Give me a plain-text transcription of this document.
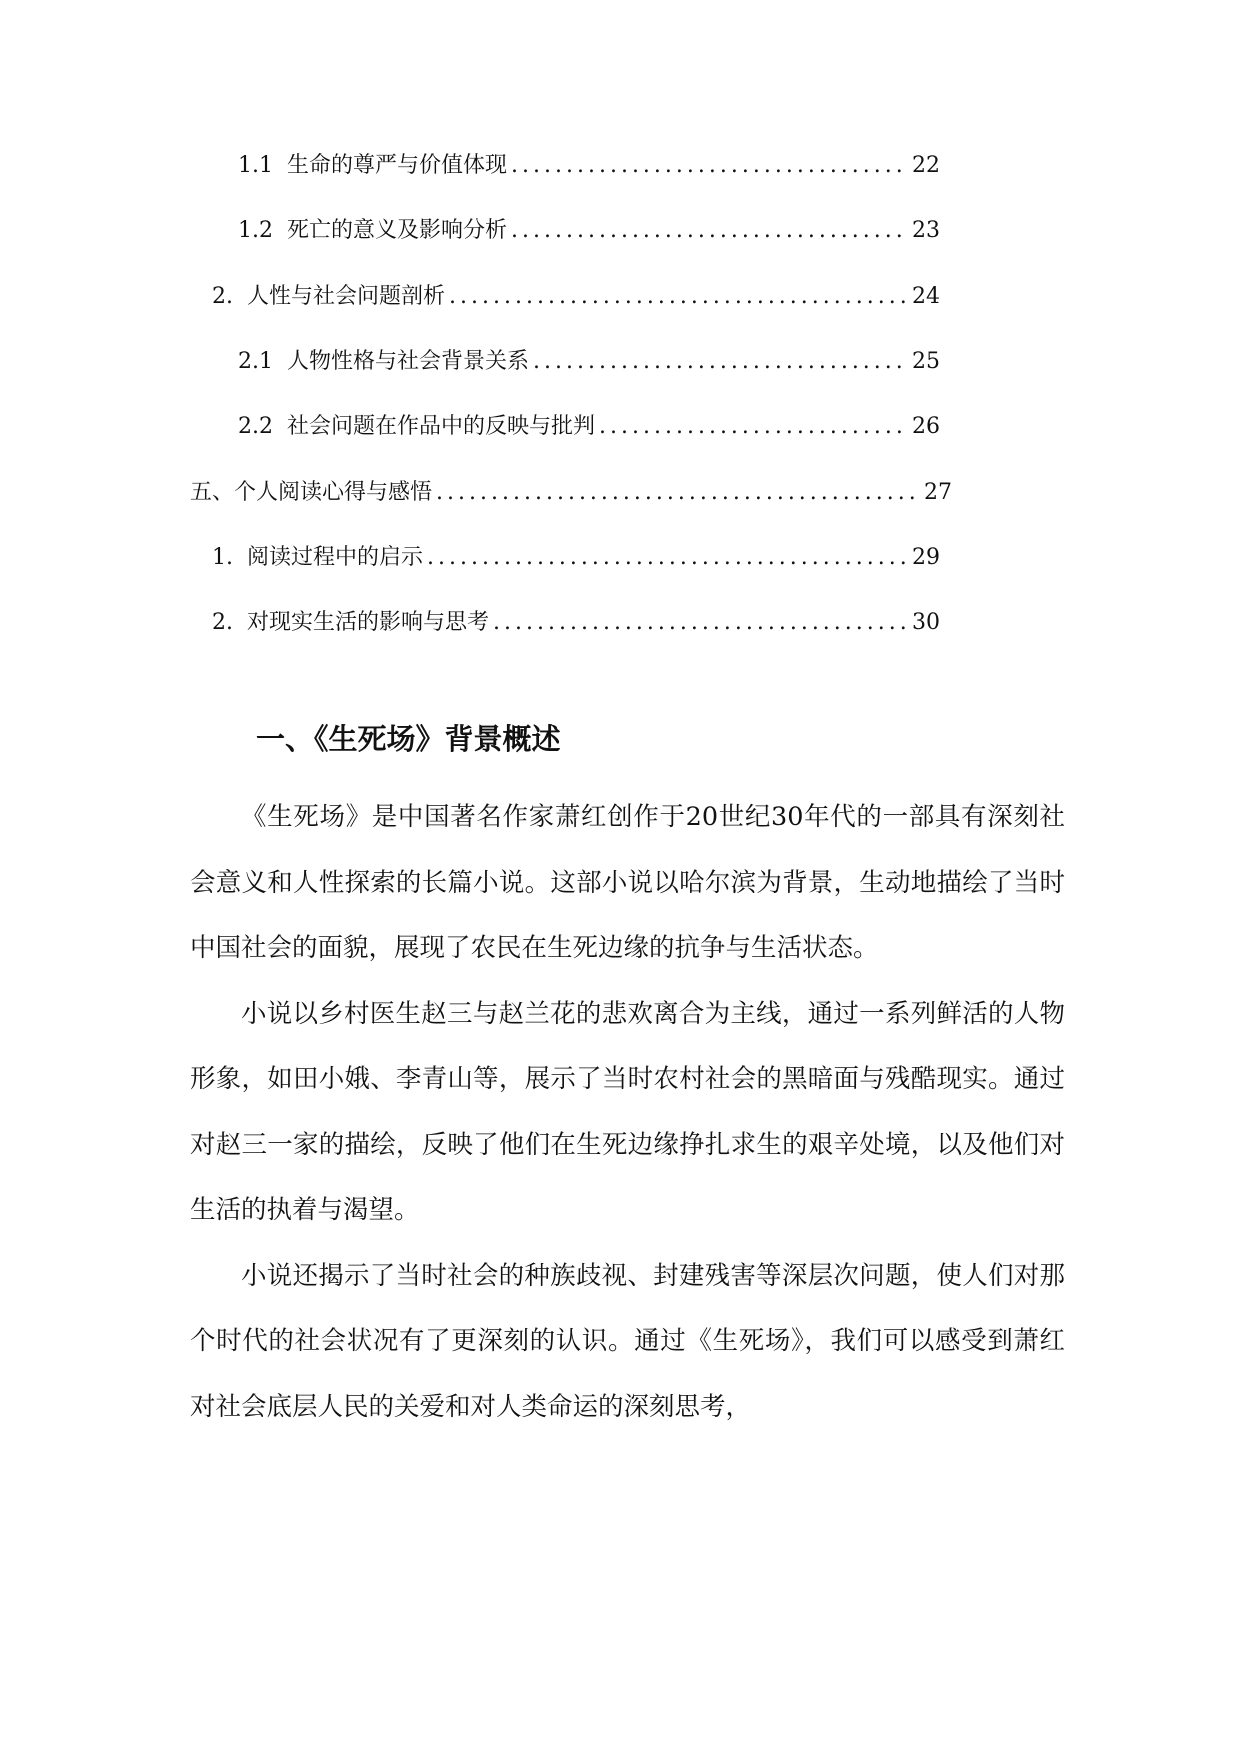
1.1 生命的尊严与价值体现 .....	22
1.2 死亡的意义及影响分析 .....	23
2. 人性与社会问题剖析 .....	24
2.1 人物性格与社会背景关系 .....	25
2.2 社会问题在作品中的反映与批判 .....	26
五、 个人阅读心得与感悟 .....	27
1. 阅读过程中的启示 .....	29
2. 对现实生活的影响与思考 .....	30
一、《生死场》背景概述

《生死场》是中国著名作家萧红创作于20世纪30年代的一部具有深刻社会意义和人性探索的长篇小说。这部小说以哈尔滨为背景，生动地描绘了当时中国社会的面貌，展现了农民在生死边缘的抗争与生活状态。

小说以乡村医生赵三与赵兰花的悲欢离合为主线，通过一系列鲜活的人物形象，如田小娥、李青山等，展示了当时农村社会的黑暗面与残酷现实。通过对赵三一家的描绘，反映了他们在生死边缘挣扎求生的艰辛处境，以及他们对生活的执着与渴望。

小说还揭示了当时社会的种族歧视、封建残害等深层次问题，使人们对那个时代的社会状况有了更深刻的认识。通过《生死场》，我们可以感受到萧红对社会底层人民的关爱和对人类命运的深刻思考，
